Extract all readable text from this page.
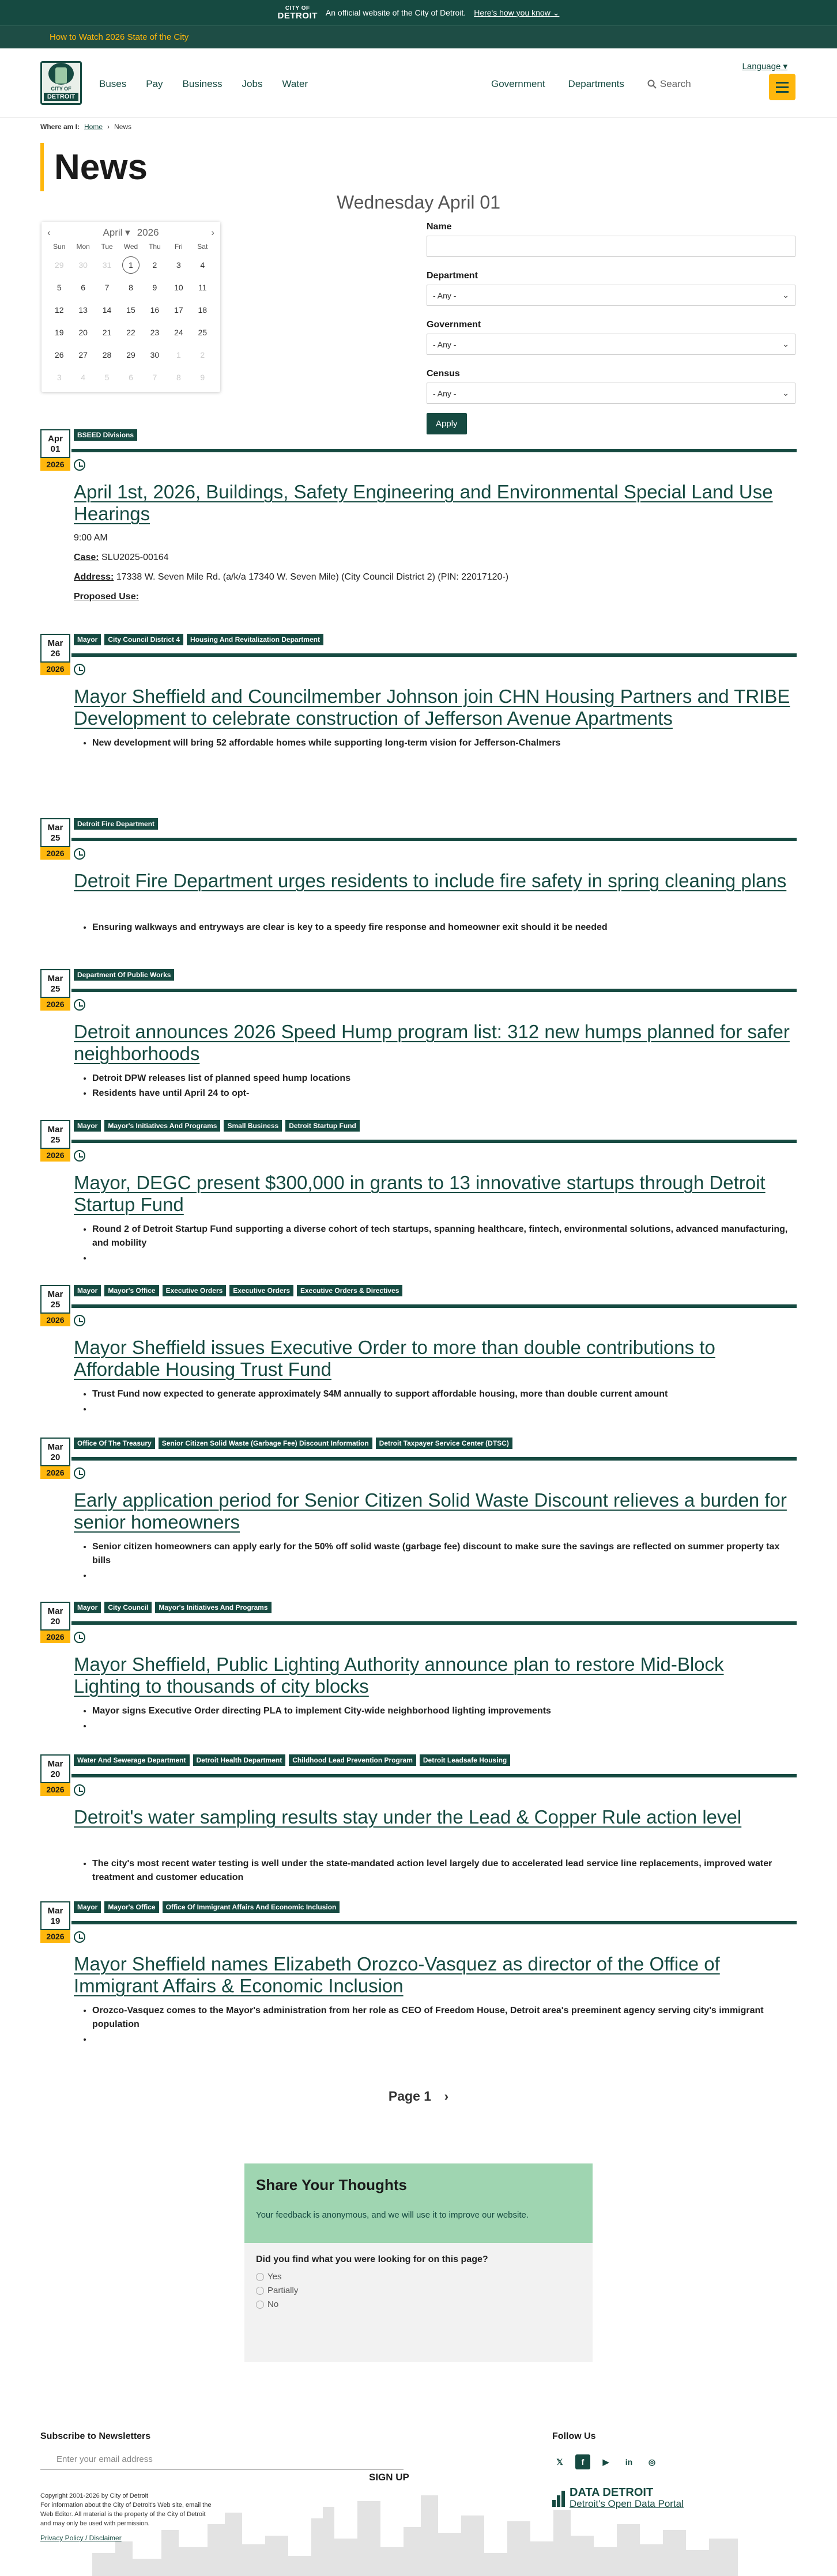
CITY OF
DETROIT An official website of the City of Detroit. Here's how you know ⌄
How to Watch 2026 State of the City
CITY OF
DETROIT
Buses Pay Business Jobs Water	Government Departments	Search
Language ▾
Where am I: Home › News
News
Wednesday April 01
‹	April ▾ 2026	›
Sun	Mon	Tue	Wed	Thu	Fri	Sat
29	30	31	1	2	3	4
5	6	7	8	9	10	11
12	13	14	15	16	17	18
19	20	21	22	23	24	25
26	27	28	29	30	1	2
3	4	5	6	7	8	9
Name
Department
- Any -	⌄
Government
- Any -	⌄
Census
- Any -	⌄
Apply
Apr
01
2026
BSEED Divisions
April 1st, 2026, Buildings, Safety Engineering and Environmental Special Land Use Hearings
9:00 AM
Case: SLU2025-00164
Address: 17338 W. Seven Mile Rd. (a/k/a 17340 W. Seven Mile) (City Council District 2) (PIN: 22017120-)
Proposed Use:
Mar
26
2026
Mayor	City Council District 4	Housing And Revitalization Department
Mayor Sheffield and Councilmember Johnson join CHN Housing Partners and TRIBE Development to celebrate construction of Jefferson Avenue Apartments
• New development will bring 52 affordable homes while supporting long-term vision for Jefferson-Chalmers
Mar
25
2026
Detroit Fire Department
Detroit Fire Department urges residents to include fire safety in spring cleaning plans
• Ensuring walkways and entryways are clear is key to a speedy fire response and homeowner exit should it be needed
Mar
25
2026
Department Of Public Works
Detroit announces 2026 Speed Hump program list: 312 new humps planned for safer neighborhoods
• Detroit DPW releases list of planned speed hump locations
• Residents have until April 24 to opt-
Mar
25
2026
Mayor	Mayor's Initiatives And Programs	Small Business	Detroit Startup Fund
Mayor, DEGC present $300,000 in grants to 13 innovative startups through Detroit Startup Fund
• Round 2 of Detroit Startup Fund supporting a diverse cohort of tech startups, spanning healthcare, fintech, environmental solutions, advanced manufacturing, and mobility
•
Mar
25
2026
Mayor	Mayor's Office	Executive Orders	Executive Orders	Executive Orders & Directives
Mayor Sheffield issues Executive Order to more than double contributions to Affordable Housing Trust Fund
• Trust Fund now expected to generate approximately $4M annually to support affordable housing, more than double current amount
•
Mar
20
2026
Office Of The Treasury	Senior Citizen Solid Waste (Garbage Fee) Discount Information	Detroit Taxpayer Service Center (DTSC)
Early application period for Senior Citizen Solid Waste Discount relieves a burden for senior homeowners
• Senior citizen homeowners can apply early for the 50% off solid waste (garbage fee) discount to make sure the savings are reflected on summer property tax bills
•
Mar
20
2026
Mayor	City Council	Mayor's Initiatives And Programs
Mayor Sheffield, Public Lighting Authority announce plan to restore Mid-Block Lighting to thousands of city blocks
• Mayor signs Executive Order directing PLA to implement City-wide neighborhood lighting improvements
•
Mar
20
2026
Water And Sewerage Department	Detroit Health Department	Childhood Lead Prevention Program	Detroit Leadsafe Housing
Detroit's water sampling results stay under the Lead & Copper Rule action level
• The city's most recent water testing is well under the state-mandated action level largely due to accelerated lead service line replacements, improved water treatment and customer education
Mar
19
2026
Mayor	Mayor's Office	Office Of Immigrant Affairs And Economic Inclusion
Mayor Sheffield names Elizabeth Orozco-Vasquez as director of the Office of Immigrant Affairs & Economic Inclusion
• Orozco-Vasquez comes to the Mayor's administration from her role as CEO of Freedom House, Detroit area's preeminent agency serving city's immigrant population
•
Page 1 ›
Share Your Thoughts

Your feedback is anonymous, and we will use it to improve our website.

Did you find what you were looking for on this page?
Yes
Partially
No
Subscribe to Newsletters
Enter your email address
SIGN UP
Copyright 2001-2026 by City of Detroit
For information about the City of Detroit's Web site, email the Web Editor. All material is the property of the City of Detroit and may only be used with permission.
Privacy Policy / Disclaimer
Follow Us
𝕏	f	▶	in	◎
DATA DETROIT
Detroit's Open Data Portal
